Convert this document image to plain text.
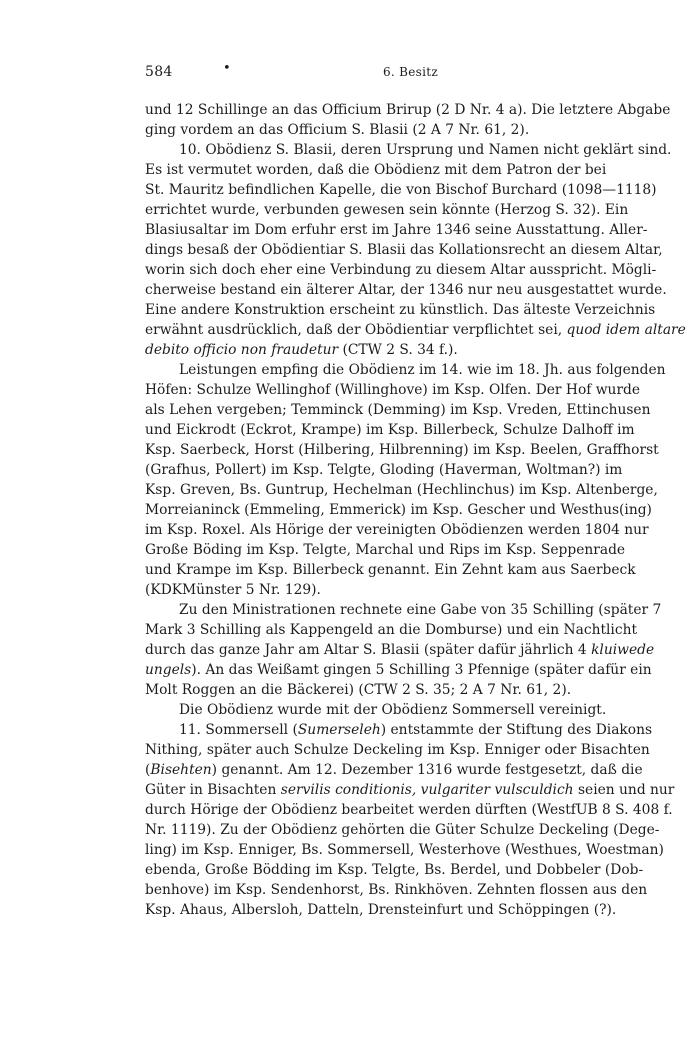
584	•	6. Besitz
und 12 Schillinge an das Officium Brirup (2 D Nr. 4 a). Die letztere Abgabe
ging vordem an das Officium S. Blasii (2 A 7 Nr. 61, 2).
10. Obödienz S. Blasii, deren Ursprung und Namen nicht geklärt sind.
Es ist vermutet worden, daß die Obödienz mit dem Patron der bei
St. Mauritz befindlichen Kapelle, die von Bischof Burchard (1098—1118)
errichtet wurde, verbunden gewesen sein könnte (Herzog S. 32). Ein
Blasiusaltar im Dom erfuhr erst im Jahre 1346 seine Ausstattung. Aller-
dings besaß der Obödientiar S. Blasii das Kollationsrecht an diesem Altar,
worin sich doch eher eine Verbindung zu diesem Altar ausspricht. Mögli-
cherweise bestand ein älterer Altar, der 1346 nur neu ausgestattet wurde.
Eine andere Konstruktion erscheint zu künstlich. Das älteste Verzeichnis
erwähnt ausdrücklich, daß der Obödientiar verpflichtet sei, quod idem altare
debito officio non fraudetur (CTW 2 S. 34 f.).
Leistungen empfing die Obödienz im 14. wie im 18. Jh. aus folgenden
Höfen: Schulze Wellinghof (Willinghove) im Ksp. Olfen. Der Hof wurde
als Lehen vergeben; Temminck (Demming) im Ksp. Vreden, Ettinchusen
und Eickrodt (Eckrot, Krampe) im Ksp. Billerbeck, Schulze Dalhoff im
Ksp. Saerbeck, Horst (Hilbering, Hilbrenning) im Ksp. Beelen, Graffhorst
(Grafhus, Pollert) im Ksp. Telgte, Gloding (Haverman, Woltman?) im
Ksp. Greven, Bs. Guntrup, Hechelman (Hechlinchus) im Ksp. Altenberge,
Morreianinck (Emmeling, Emmerick) im Ksp. Gescher und Westhus(ing)
im Ksp. Roxel. Als Hörige der vereinigten Obödienzen werden 1804 nur
Große Böding im Ksp. Telgte, Marchal und Rips im Ksp. Seppenrade
und Krampe im Ksp. Billerbeck genannt. Ein Zehnt kam aus Saerbeck
(KDKMünster 5 Nr. 129).
Zu den Ministrationen rechnete eine Gabe von 35 Schilling (später 7
Mark 3 Schilling als Kappengeld an die Domburse) und ein Nachtlicht
durch das ganze Jahr am Altar S. Blasii (später dafür jährlich 4 kluiwede
ungels). An das Weißamt gingen 5 Schilling 3 Pfennige (später dafür ein
Molt Roggen an die Bäckerei) (CTW 2 S. 35; 2 A 7 Nr. 61, 2).
Die Obödienz wurde mit der Obödienz Sommersell vereinigt.
11. Sommersell (Sumerseleh) entstammte der Stiftung des Diakons
Nithing, später auch Schulze Deckeling im Ksp. Enniger oder Bisachten
(Bisehten) genannt. Am 12. Dezember 1316 wurde festgesetzt, daß die
Güter in Bisachten servilis conditionis, vulgariter vulsculdich seien und nur
durch Hörige der Obödienz bearbeitet werden dürften (WestfUB 8 S. 408 f.
Nr. 1119). Zu der Obödienz gehörten die Güter Schulze Deckeling (Dege-
ling) im Ksp. Enniger, Bs. Sommersell, Westerhove (Westhues, Woestman)
ebenda, Große Bödding im Ksp. Telgte, Bs. Berdel, und Dobbeler (Dob-
benhove) im Ksp. Sendenhorst, Bs. Rinkhöven. Zehnten flossen aus den
Ksp. Ahaus, Albersloh, Datteln, Drensteinfurt und Schöppingen (?).
